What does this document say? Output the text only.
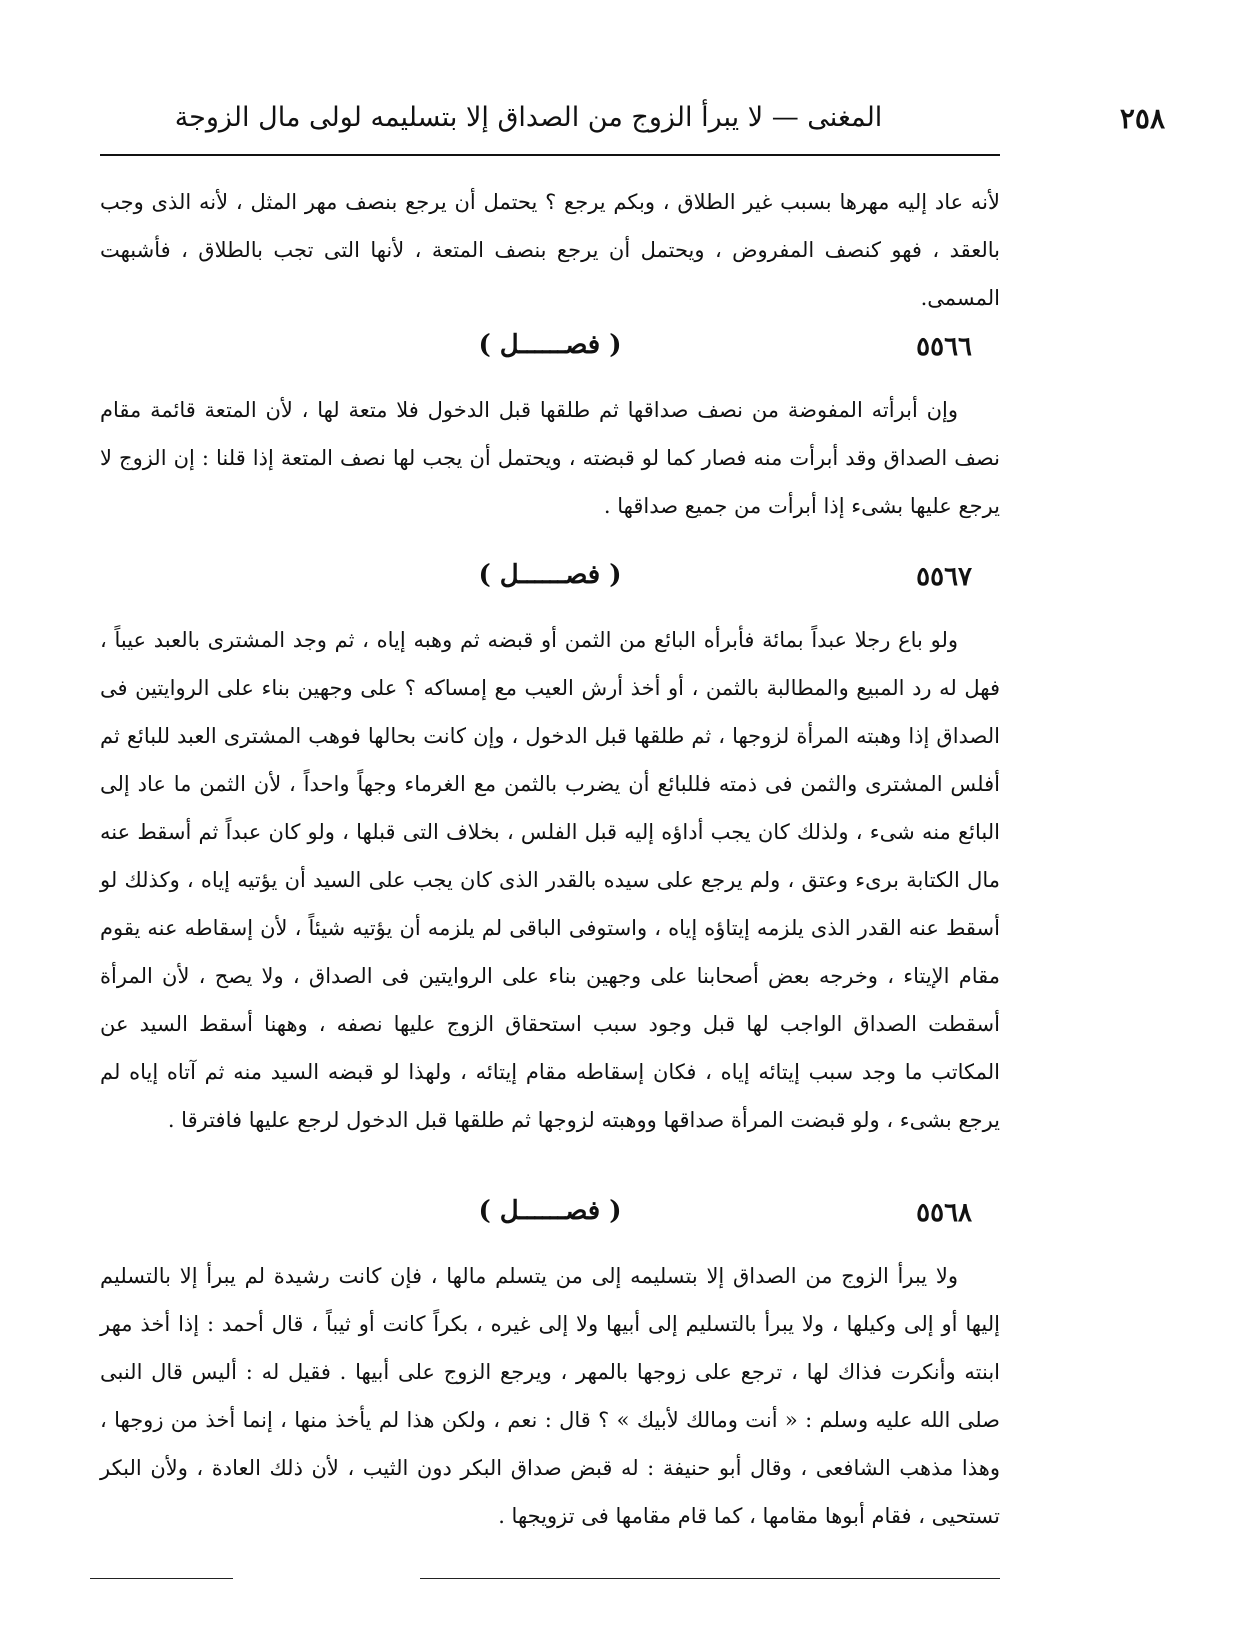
٢٥٨
المغنى — لا يبرأ الزوج من الصداق إلا بتسليمه لولى مال الزوجة

لأنه عاد إليه مهرها بسبب غير الطلاق ، وبكم يرجع ؟ يحتمل أن يرجع بنصف مهر المثل ، لأنه الذى وجب بالعقد ، فهو كنصف المفروض ، ويحتمل أن يرجع بنصف المتعة ، لأنها التى تجب بالطلاق ، فأشبهت المسمى.

٥٥٦٦
( فصــــــل )

وإن أبرأته المفوضة من نصف صداقها ثم طلقها قبل الدخول فلا متعة لها ، لأن المتعة قائمة مقام نصف الصداق وقد أبرأت منه فصار كما لو قبضته ، ويحتمل أن يجب لها نصف المتعة إذا قلنا : إن الزوج لا يرجع عليها بشىء إذا أبرأت من جميع صداقها .

٥٥٦٧
( فصــــــل )

ولو باع رجلا عبداً بمائة فأبرأه البائع من الثمن أو قبضه ثم وهبه إياه ، ثم وجد المشترى بالعبد عيباً ، فهل له رد المبيع والمطالبة بالثمن ، أو أخذ أرش العيب مع إمساكه ؟ على وجهين بناء على الروايتين فى الصداق إذا وهبته المرأة لزوجها ، ثم طلقها قبل الدخول ، وإن كانت بحالها فوهب المشترى العبد للبائع ثم أفلس المشترى والثمن فى ذمته فللبائع أن يضرب بالثمن مع الغرماء وجهاً واحداً ، لأن الثمن ما عاد إلى البائع منه شىء ، ولذلك كان يجب أداؤه إليه قبل الفلس ، بخلاف التى قبلها ، ولو كان عبداً ثم أسقط عنه مال الكتابة برىء وعتق ، ولم يرجع على سيده بالقدر الذى كان يجب على السيد أن يؤتيه إياه ، وكذلك لو أسقط عنه القدر الذى يلزمه إيتاؤه إياه ، واستوفى الباقى لم يلزمه أن يؤتيه شيئاً ، لأن إسقاطه عنه يقوم مقام الإيتاء ، وخرجه بعض أصحابنا على وجهين بناء على الروايتين فى الصداق ، ولا يصح ، لأن المرأة أسقطت الصداق الواجب لها قبل وجود سبب استحقاق الزوج عليها نصفه ، وههنا أسقط السيد عن المكاتب ما وجد سبب إيتائه إياه ، فكان إسقاطه مقام إيتائه ، ولهذا لو قبضه السيد منه ثم آتاه إياه لم يرجع بشىء ، ولو قبضت المرأة صداقها ووهبته لزوجها ثم طلقها قبل الدخول لرجع عليها فافترقا .

٥٥٦٨
( فصــــــل )

ولا يبرأ الزوج من الصداق إلا بتسليمه إلى من يتسلم مالها ، فإن كانت رشيدة لم يبرأ إلا بالتسليم إليها أو إلى وكيلها ، ولا يبرأ بالتسليم إلى أبيها ولا إلى غيره ، بكراً كانت أو ثيباً ، قال أحمد : إذا أخذ مهر ابنته وأنكرت فذاك لها ، ترجع على زوجها بالمهر ، ويرجع الزوج على أبيها . فقيل له : أليس قال النبى صلى الله عليه وسلم : « أنت ومالك لأبيك » ؟ قال : نعم ، ولكن هذا لم يأخذ منها ، إنما أخذ من زوجها ، وهذا مذهب الشافعى ، وقال أبو حنيفة : له قبض صداق البكر دون الثيب ، لأن ذلك العادة ، ولأن البكر تستحيى ، فقام أبوها مقامها ، كما قام مقامها فى تزويجها .
